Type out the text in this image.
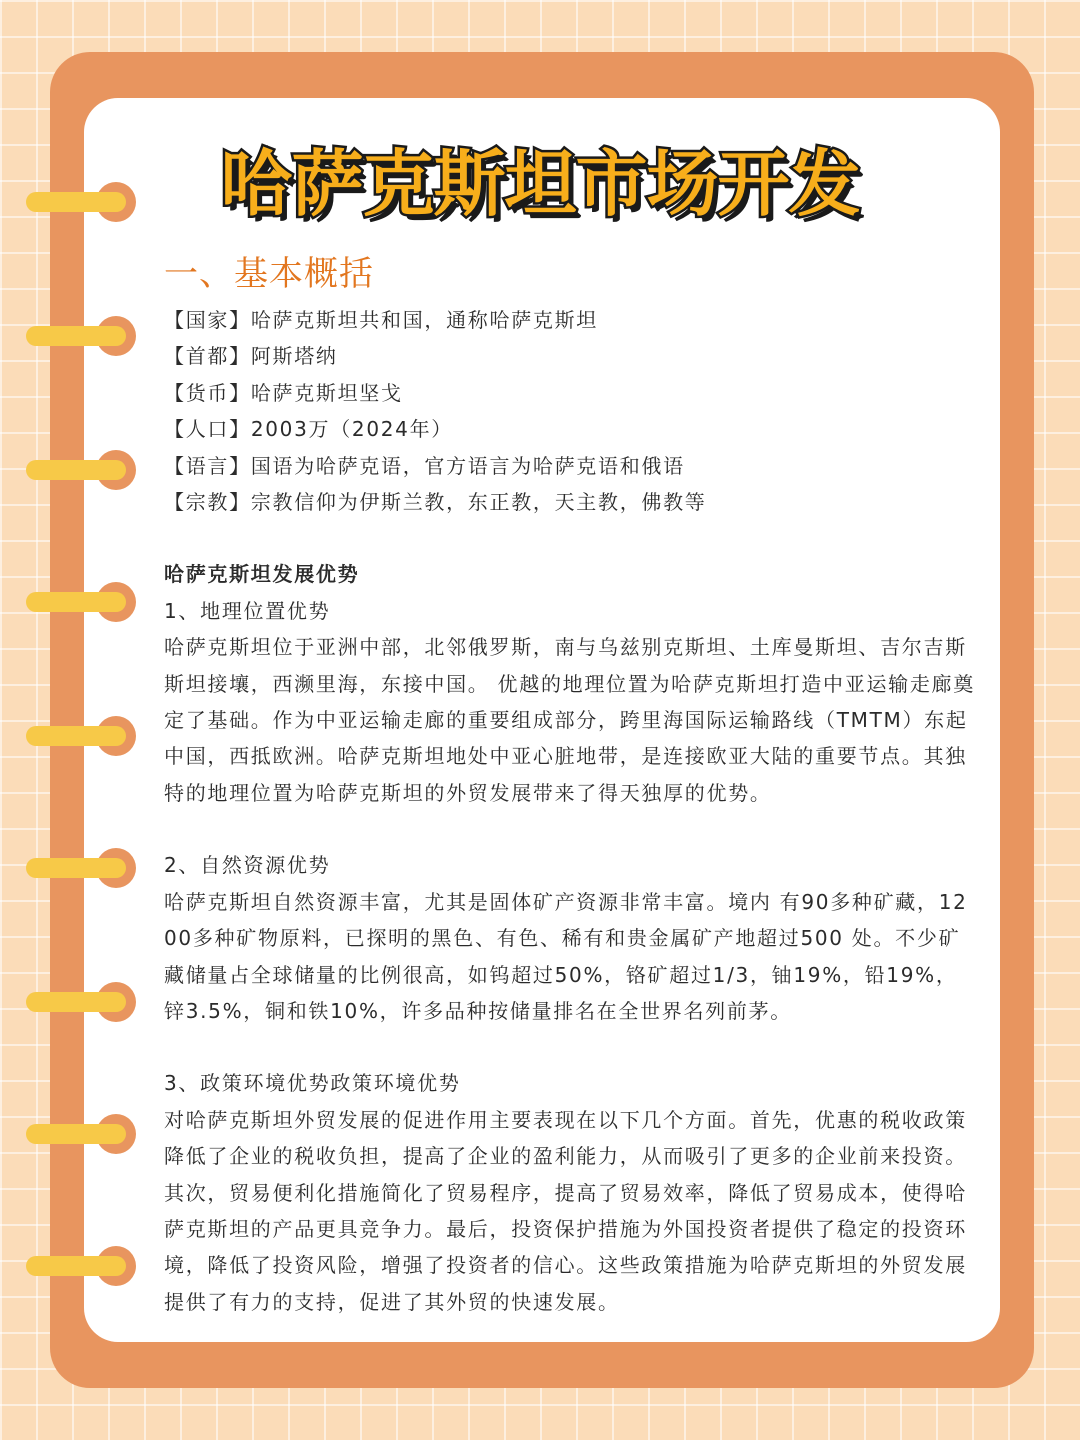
哈萨克斯坦市场开发
一、基本概括
【国家】哈萨克斯坦共和国，通称哈萨克斯坦
【首都】阿斯塔纳
【货币】哈萨克斯坦坚戈
【人口】2003万（2024年）
【语言】国语为哈萨克语，官方语言为哈萨克语和俄语
【宗教】宗教信仰为伊斯兰教，东正教，天主教，佛教等
哈萨克斯坦发展优势
1、地理位置优势
哈萨克斯坦位于亚洲中部，北邻俄罗斯，南与乌兹别克斯坦、土库曼斯坦、吉尔吉斯斯坦接壤，西濒里海，东接中国。 优越的地理位置为哈萨克斯坦打造中亚运输走廊奠定了基础。作为中亚运输走廊的重要组成部分，跨里海国际运输路线（TMTM）东起中国，西抵欧洲。哈萨克斯坦地处中亚心脏地带，是连接欧亚大陆的重要节点。其独特的地理位置为哈萨克斯坦的外贸发展带来了得天独厚的优势。
2、自然资源优势
哈萨克斯坦自然资源丰富，尤其是固体矿产资源非常丰富。境内 有90多种矿藏，1200多种矿物原料，已探明的黑色、有色、稀有和贵金属矿产地超过500 处。不少矿藏储量占全球储量的比例很高，如钨超过50%，铬矿超过1/3，铀19%，铅19%， 锌3.5%，铜和铁10%，许多品种按储量排名在全世界名列前茅。
3、政策环境优势政策环境优势
对哈萨克斯坦外贸发展的促进作用主要表现在以下几个方面。首先，优惠的税收政策降低了企业的税收负担，提高了企业的盈利能力，从而吸引了更多的企业前来投资。其次，贸易便利化措施简化了贸易程序，提高了贸易效率，降低了贸易成本，使得哈萨克斯坦的产品更具竞争力。最后，投资保护措施为外国投资者提供了稳定的投资环境，降低了投资风险，增强了投资者的信心。这些政策措施为哈萨克斯坦的外贸发展提供了有力的支持，促进了其外贸的快速发展。
